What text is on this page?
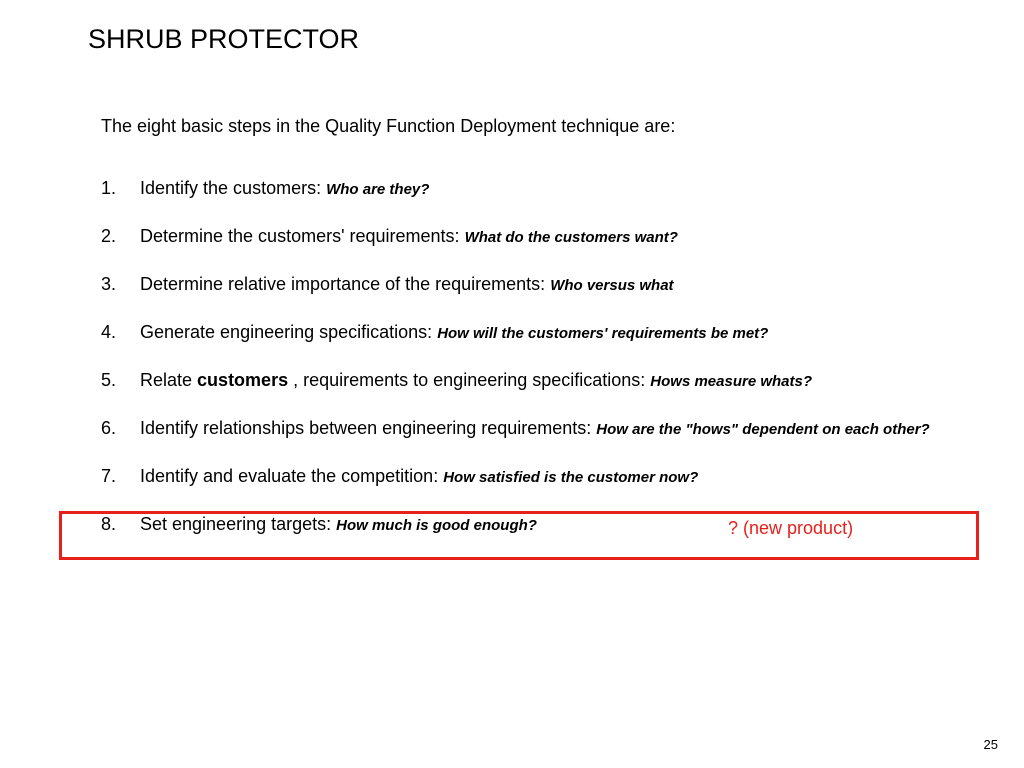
SHRUB PROTECTOR
The eight basic steps in the Quality Function Deployment technique are:
1. Identify the customers: Who are they?
2. Determine the customers' requirements: What do the customers want?
3. Determine relative importance of the requirements: Who versus what
4. Generate engineering specifications: How will the customers' requirements be met?
5. Relate customers , requirements to engineering specifications: Hows measure whats?
6. Identify relationships between engineering requirements: How are the "hows" dependent on each other?
7. Identify and evaluate the competition: How satisfied is the customer now?
8. Set engineering targets: How much is good enough?	? (new product)
25
